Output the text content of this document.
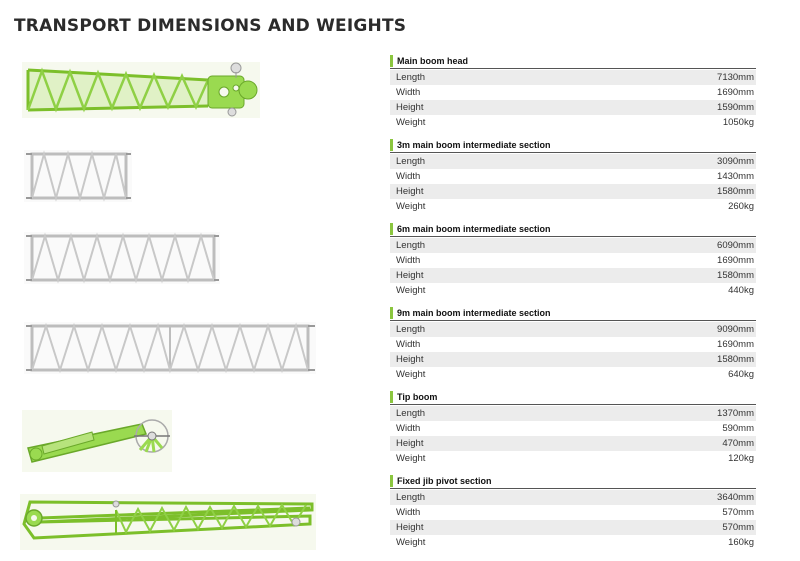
TRANSPORT DIMENSIONS AND WEIGHTS
Main boom head
Length	7130mm
Width	1690mm
Height	1590mm
Weight	1050kg
3m main boom intermediate section
Length	3090mm
Width	1430mm
Height	1580mm
Weight	260kg
6m main boom intermediate section
Length	6090mm
Width	1690mm
Height	1580mm
Weight	440kg
9m main boom intermediate section
Length	9090mm
Width	1690mm
Height	1580mm
Weight	640kg
Tip boom
Length	1370mm
Width	590mm
Height	470mm
Weight	120kg
Fixed jib pivot section
Length	3640mm
Width	570mm
Height	570mm
Weight	160kg
